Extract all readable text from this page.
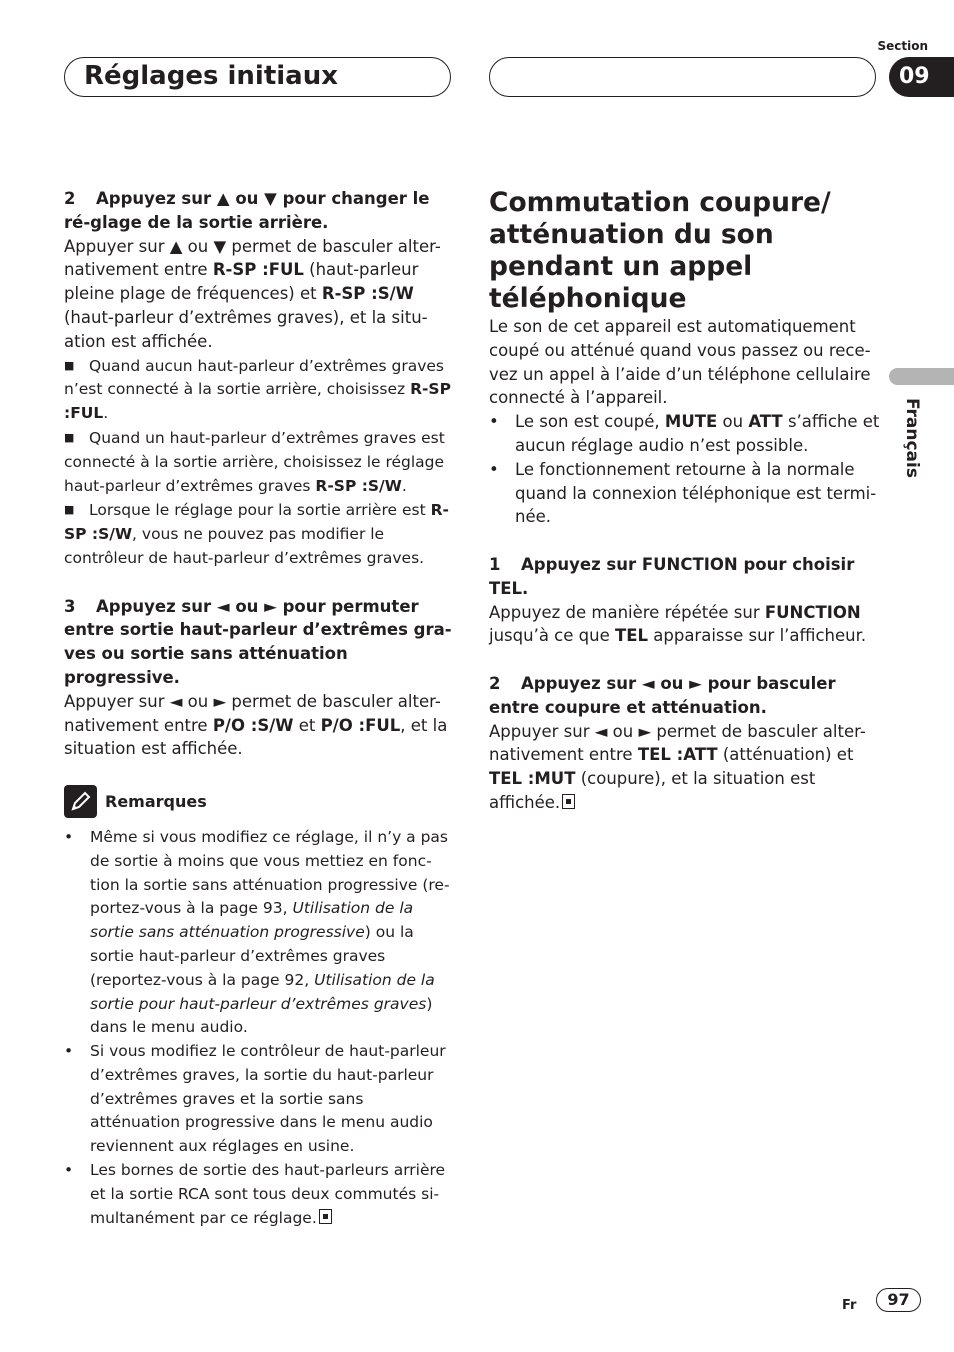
Réglages initiaux
Section
09
Français

2 Appuyez sur ▲ ou ▼ pour changer le ré-glage de la sortie arrière.

Appuyer sur ▲ ou ▼ permet de basculer alter-nativement entre R-SP :FUL (haut-parleur pleine plage de fréquences) et R-SP :S/W (haut-parleur d’extrêmes graves), et la situ-ation est affichée.

■ Quand aucun haut-parleur d’extrêmes graves n’est connecté à la sortie arrière, choisissez R-SP :FUL.

■ Quand un haut-parleur d’extrêmes graves est connecté à la sortie arrière, choisissez le réglage haut-parleur d’extrêmes graves R-SP :S/W.

■ Lorsque le réglage pour la sortie arrière est R-SP :S/W, vous ne pouvez pas modifier le contrôleur de haut-parleur d’extrêmes graves.

3 Appuyez sur ◄ ou ► pour permuter entre sortie haut-parleur d’extrêmes gra-ves ou sortie sans atténuation progressive.

Appuyer sur ◄ ou ► permet de basculer alter-nativement entre P/O :S/W et P/O :FUL, et la situation est affichée.

Remarques

• Même si vous modifiez ce réglage, il n’y a pas de sortie à moins que vous mettiez en fonc-tion la sortie sans atténuation progressive (re-portez-vous à la page 93, Utilisation de la sortie sans atténuation progressive) ou la sortie haut-parleur d’extrêmes graves (reportez-vous à la page 92, Utilisation de la sortie pour haut-parleur d’extrêmes graves) dans le menu audio.

• Si vous modifiez le contrôleur de haut-parleur d’extrêmes graves, la sortie du haut-parleur d’extrêmes graves et la sortie sans atténuation progressive dans le menu audio reviennent aux réglages en usine.

• Les bornes de sortie des haut-parleurs arrière et la sortie RCA sont tous deux commutés si-multanément par ce réglage.

Commutation coupure/ atténuation du son pendant un appel téléphonique

Le son de cet appareil est automatiquement coupé ou atténué quand vous passez ou rece-vez un appel à l’aide d’un téléphone cellulaire connecté à l’appareil.

• Le son est coupé, MUTE ou ATT s’affiche et aucun réglage audio n’est possible.

• Le fonctionnement retourne à la normale quand la connexion téléphonique est termi-née.

1 Appuyez sur FUNCTION pour choisir TEL.

Appuyez de manière répétée sur FUNCTION jusqu’à ce que TEL apparaisse sur l’afficheur.

2 Appuyez sur ◄ ou ► pour basculer entre coupure et atténuation.

Appuyer sur ◄ ou ► permet de basculer alter-nativement entre TEL :ATT (atténuation) et TEL :MUT (coupure), et la situation est affichée.

Fr	97
